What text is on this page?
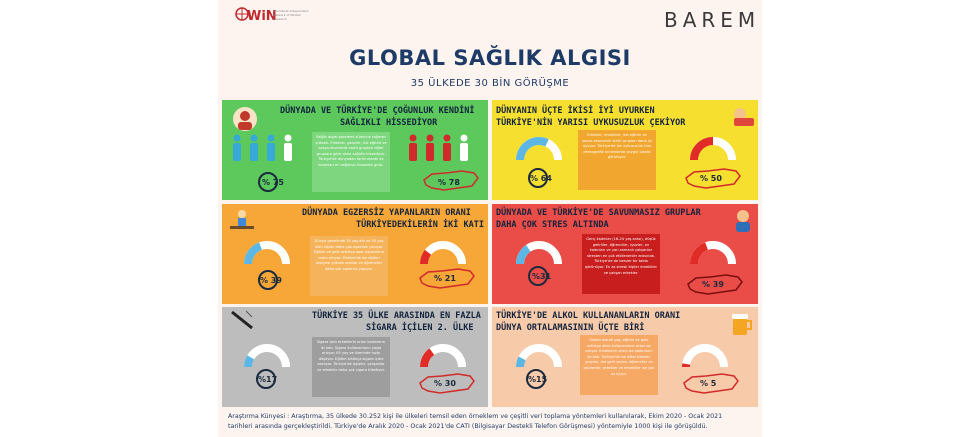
WiN
Worldwide Independent Network of Market Research	BAREM
GLOBAL SAĞLIK ALGISI
35 ÜLKEDE 30 BİN GÖRÜŞME
DÜNYADA VE TÜRKİYE'DE ÇOĞUNLUK KENDİNİ
SAĞLIKLI HİSSEDİYOR
Sağlık algısı pandemi sürecine rağmen yüksek. Erkekler, gençler, üst eğitim ve sosyo-ekonomik statü grupları diğer gruplara göre daha sağlıklı hissediyor. Türkiye'de dünyadan farklı olarak ev kadınları en sağlıksız hisseden grup.
% 75	% 78
DÜNYANIN ÜÇTE İKİSİ İYİ UYURKEN
TÜRKİYE'NİN YARISI UYKUSUZLUK ÇEKİYOR
Erkekler, emekliler, üst eğitim ve sosyo-ekonomik statü grupları daha iyi uyuyor. Türkiye'de ise uykusuzluk tüm demografik kırılımlarda yaygın olarak görülüyor.
% 64	% 50
DÜNYADA EGZERSİZ YAPANLARIN ORANI
TÜRKİYEDEKİLERİN İKİ KATI
Dünya genelinde 35 yaş altı ve 50 yaş üstü kişiler daha çok egzersiz yapıyor. Eğitim ve gelir arttıkça spor yapanların oranı artıyor. Türkiye'de ise eğitim seviyesi yüksek olanlar ve öğrenciler daha çok egzersiz yapıyor.
% 39	% 21
DÜNYADA VE TÜRKİYE'DE SAVUNMASIZ GRUPLAR
DAHA ÇOK STRES ALTINDA
Genç kadınlar (18-24 yaş arası), düşük gelirliler, öğrenciler, işsizler, ev kadınları ve yarı zamanlı çalışanlar stresten en çok etkilenenler arasında. Türkiye'de de benzer bir tablo görünüyor. En az stresli kişiler emekliler ve çalışan erkekler.
%31
% 39
TÜRKİYE 35 ÜLKE ARASINDA EN FAZLA
SİGARA İÇİLEN 2. ÜLKE
Sigara içen erkeklerin oranı kadınların iki katı. Sigara kullananların yaşla artıyor; 65 yaş ve üzerinde hızla düşüyor. Eğitim arttıkça sigara içme azalıyor. Türkiye'de işsizler, çalışanlar ve erkekler daha çok sigara tüketiyor.
%17	% 30
TÜRKİYE'DE ALKOL KULLANANLARIN ORANI
DÜNYA ORTALAMASININ ÜÇTE BİRİ
Global olarak yaş, eğitim ve gelir arttıkça alkol kullananların oranı da artıyor. Erkeklerin oranı ise kadınların iki katı. Türkiye'de ise alkol tüketen gruplar, üst gelir grubu, öğrenciler ve işsizlerdir; erkekler ve emekliler ise çok az içiyor.
%15	% 5
Araştırma Künyesi : Araştırma, 35 ülkede 30.252 kişi ile ülkeleri temsil eden örneklem ve çeşitli veri toplama yöntemleri kullanılarak, Ekim 2020 - Ocak 2021
tarihleri arasında gerçekleştirildi. Türkiye'de Aralık 2020 - Ocak 2021'de CATI (Bilgisayar Destekli Telefon Görüşmesi) yöntemiyle 1000 kişi ile görüşüldü.
